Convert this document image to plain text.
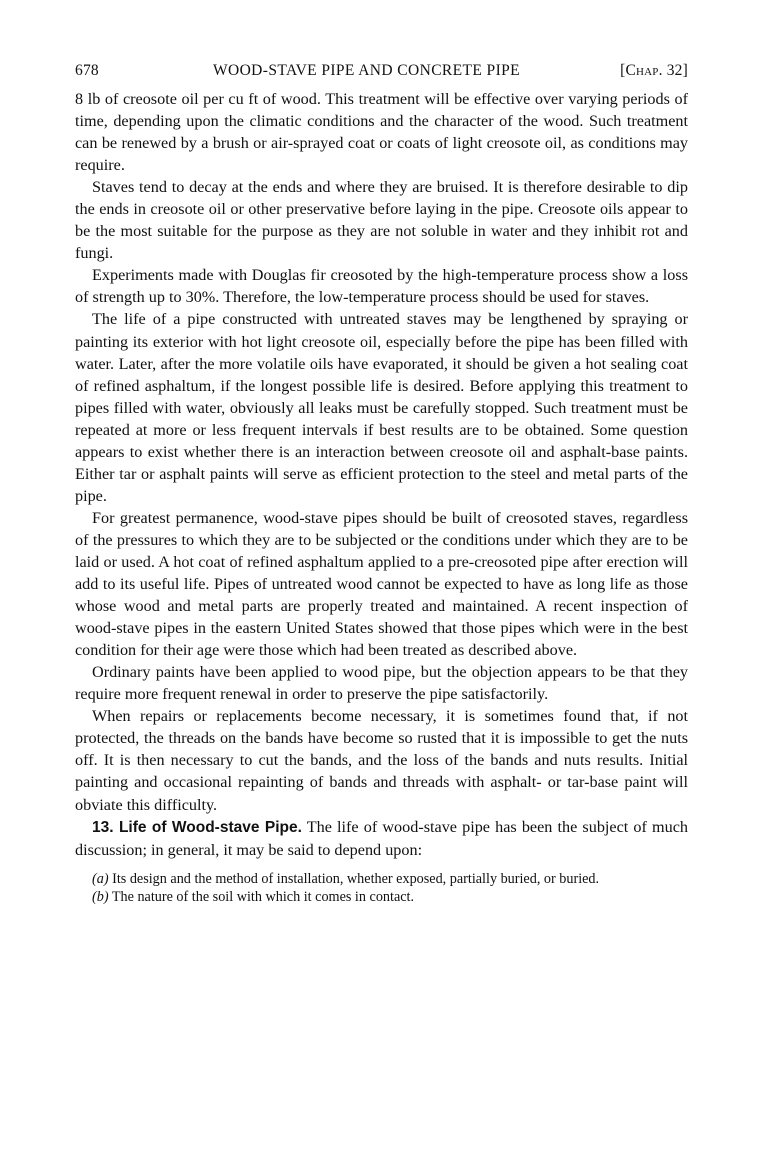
678	WOOD-STAVE PIPE AND CONCRETE PIPE	[Chap. 32]

8 lb of creosote oil per cu ft of wood. This treatment will be effective over varying periods of time, depending upon the climatic conditions and the character of the wood. Such treatment can be renewed by a brush or air-sprayed coat or coats of light creosote oil, as conditions may require.

Staves tend to decay at the ends and where they are bruised. It is therefore desirable to dip the ends in creosote oil or other preservative before laying in the pipe. Creosote oils appear to be the most suitable for the purpose as they are not soluble in water and they inhibit rot and fungi.

Experiments made with Douglas fir creosoted by the high-temperature process show a loss of strength up to 30%. Therefore, the low-temperature process should be used for staves.

The life of a pipe constructed with untreated staves may be lengthened by spraying or painting its exterior with hot light creosote oil, especially before the pipe has been filled with water. Later, after the more volatile oils have evaporated, it should be given a hot sealing coat of refined asphaltum, if the longest possible life is desired. Before applying this treatment to pipes filled with water, obviously all leaks must be carefully stopped. Such treatment must be repeated at more or less frequent intervals if best results are to be obtained. Some question appears to exist whether there is an interaction between creosote oil and asphalt-base paints. Either tar or asphalt paints will serve as efficient protection to the steel and metal parts of the pipe.

For greatest permanence, wood-stave pipes should be built of creosoted staves, regardless of the pressures to which they are to be subjected or the conditions under which they are to be laid or used. A hot coat of refined asphaltum applied to a pre-creosoted pipe after erection will add to its useful life. Pipes of untreated wood cannot be expected to have as long life as those whose wood and metal parts are properly treated and maintained. A recent inspection of wood-stave pipes in the eastern United States showed that those pipes which were in the best condition for their age were those which had been treated as described above.

Ordinary paints have been applied to wood pipe, but the objection appears to be that they require more frequent renewal in order to preserve the pipe satisfactorily.

When repairs or replacements become necessary, it is sometimes found that, if not protected, the threads on the bands have become so rusted that it is impossible to get the nuts off. It is then necessary to cut the bands, and the loss of the bands and nuts results. Initial painting and occasional repainting of bands and threads with asphalt- or tar-base paint will obviate this difficulty.

13. Life of Wood-stave Pipe. The life of wood-stave pipe has been the subject of much discussion; in general, it may be said to depend upon:

(a) Its design and the method of installation, whether exposed, partially buried, or buried.

(b) The nature of the soil with which it comes in contact.
